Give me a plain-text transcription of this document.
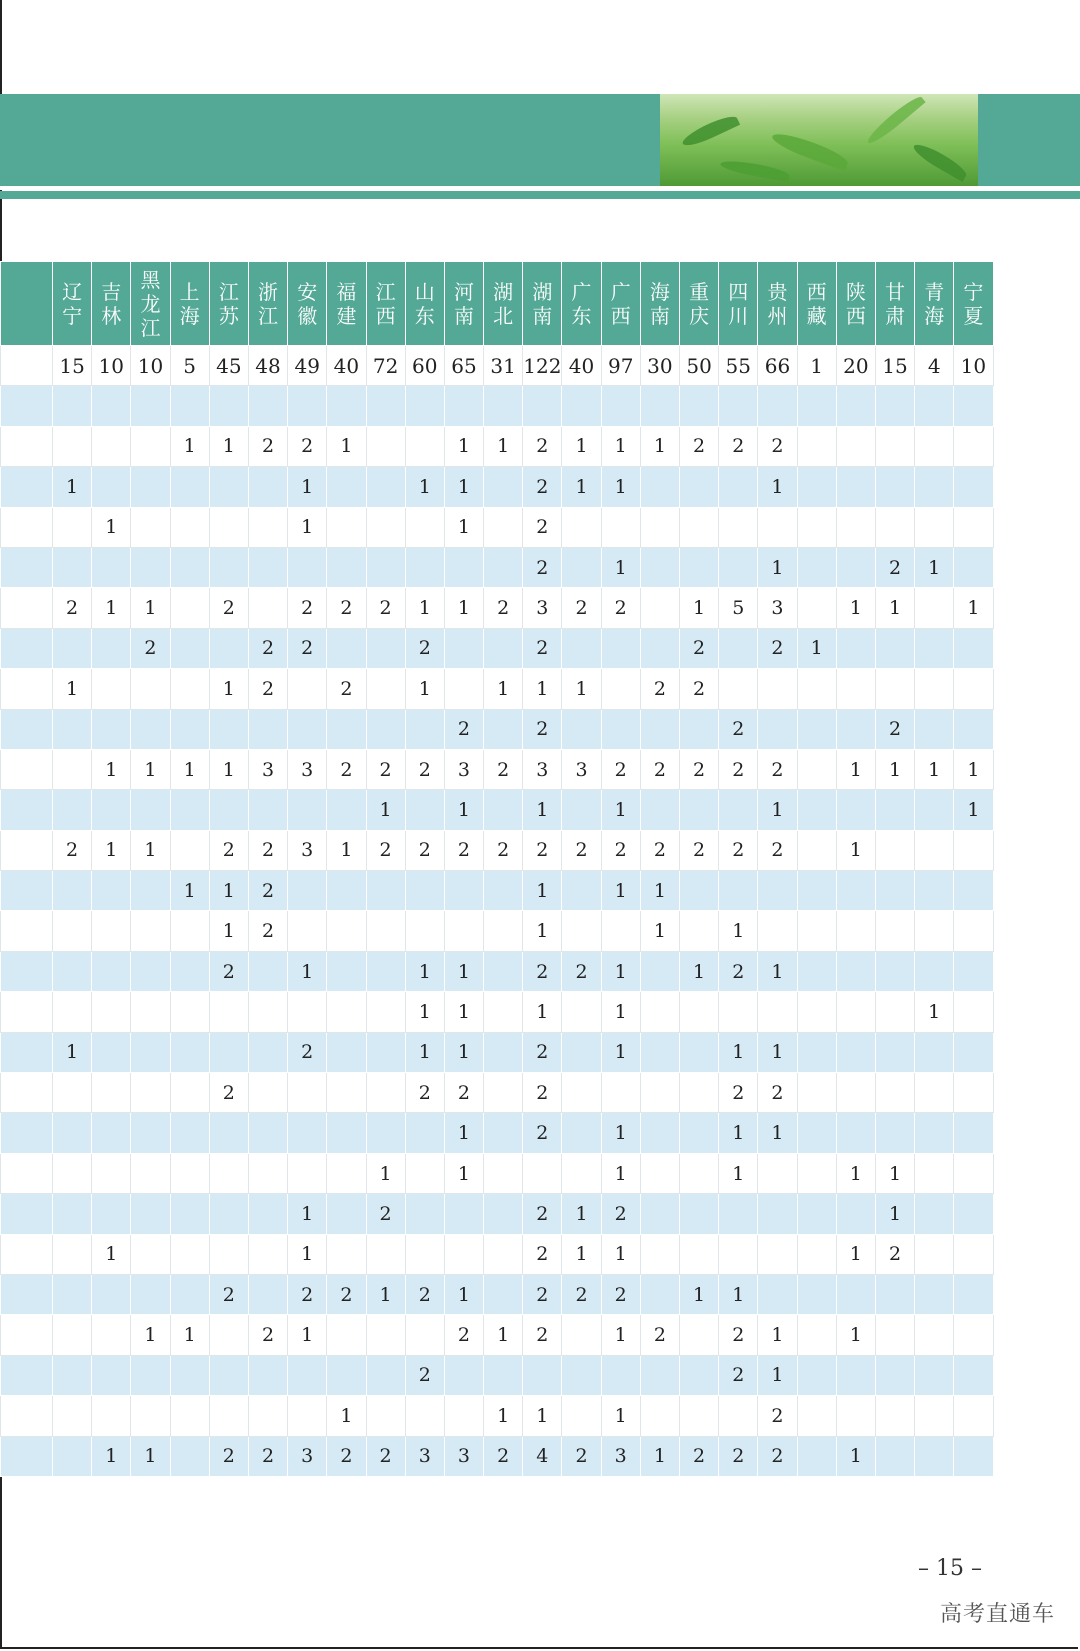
	辽宁	吉林	黑龙江	上海	江苏	浙江	安徽	福建	江西	山东	河南	湖北	湖南	广东	广西	海南	重庆	四川	贵州	西藏	陕西	甘肃	青海	宁夏
	15	10	10	5	45	48	49	40	72	60	65	31	122	40	97	30	50	55	66	1	20	15	4	10

				1	1	2	2	1			1	1	2	1	1	1	2	2	2					
	1						1			1	1		2	1	1				1					
		1					1				1		2											
													2		1				1			2	1	
	2	1	1		2		2	2	2	1	1	2	3	2	2		1	5	3		1	1		1
			2			2	2			2			2				2		2	1				
	1				1	2		2		1		1	1	1		2	2							
											2		2					2				2		
		1	1	1	1	3	3	2	2	2	3	2	3	3	2	2	2	2	2		1	1	1	1
									1		1		1		1				1					1
	2	1	1		2	2	3	1	2	2	2	2	2	2	2	2	2	2	2		1			
				1	1	2							1		1	1								
					1	2							1			1		1						
					2		1			1	1		2	2	1		1	2	1					
										1	1		1		1								1	
	1						2			1	1		2		1			1	1					
					2					2	2		2					2	2					
											1		2		1			1	1					
									1		1				1			1			1	1		
							1		2				2	1	2							1		
		1					1						2	1	1						1	2		
					2		2	2	1	2	1		2	2	2		1	1						
			1	1		2	1				2	1	2		1	2		2	1		1			
										2								2	1					
								1				1	1		1				2					
		1	1		2	2	3	2	2	3	3	2	4	2	3	1	2	2	2		1			
– 15 –
高考直通车
